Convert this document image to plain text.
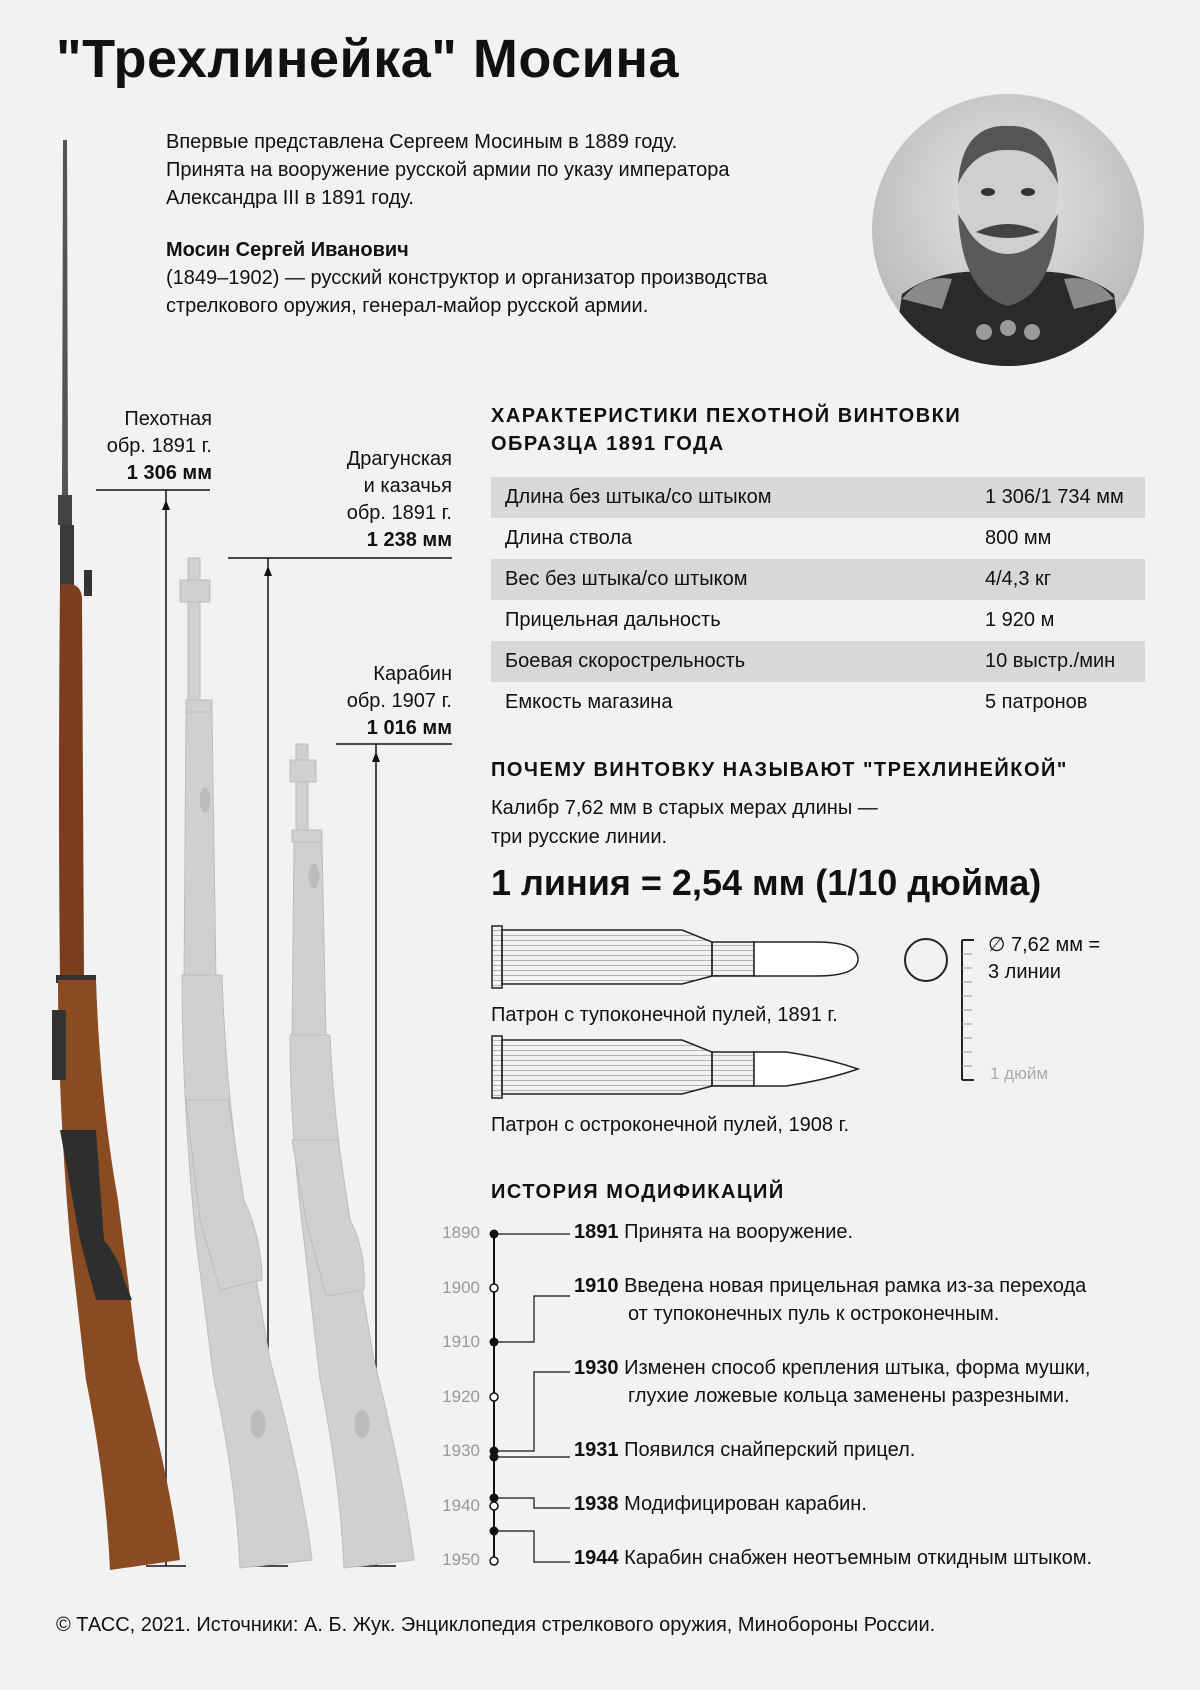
"Трехлинейка" Мосина
Впервые представлена Сергеем Мосиным в 1889 году.
Принята на вооружение русской армии по указу императора
Александра III в 1891 году.
Мосин Сергей Иванович
(1849–1902) — русский конструктор и организатор производства
стрелкового оружия, генерал-майор русской армии.
Пехотная
обр. 1891 г.
1 306 мм
Драгунская
и казачья
обр. 1891 г.
1 238 мм
Карабин
обр. 1907 г.
1 016 мм
ХАРАКТЕРИСТИКИ ПЕХОТНОЙ ВИНТОВКИ
ОБРАЗЦА 1891 ГОДА
Длина без штыка/со штыком	1 306/1 734 мм
Длина ствола	800 мм
Вес без штыка/со штыком	4/4,3 кг
Прицельная дальность	1 920 м
Боевая скорострельность	10 выстр./мин
Емкость магазина	5 патронов
ПОЧЕМУ ВИНТОВКУ НАЗЫВАЮТ "ТРЕХЛИНЕЙКОЙ"
Калибр 7,62 мм в старых мерах длины —
три русские линии.
1 линия = 2,54 мм (1/10 дюйма)
Патрон с тупоконечной пулей, 1891 г.
Патрон с остроконечной пулей, 1908 г.
∅ 7,62 мм =
3 линии
1 дюйм
ИСТОРИЯ МОДИФИКАЦИЙ
1890
1900
1910
1920
1930
1940
1950
1891 Принята на вооружение.
1910 Введена новая прицельная рамка из-за перехода
от тупоконечных пуль к остроконечным.
1930 Изменен способ крепления штыка, форма мушки,
глухие ложевые кольца заменены разрезными.
1931 Появился снайперский прицел.
1938 Модифицирован карабин.
1944 Карабин снабжен неотъемным откидным штыком.
© ТАСС, 2021. Источники: А. Б. Жук. Энциклопедия стрелкового оружия, Минобороны России.
